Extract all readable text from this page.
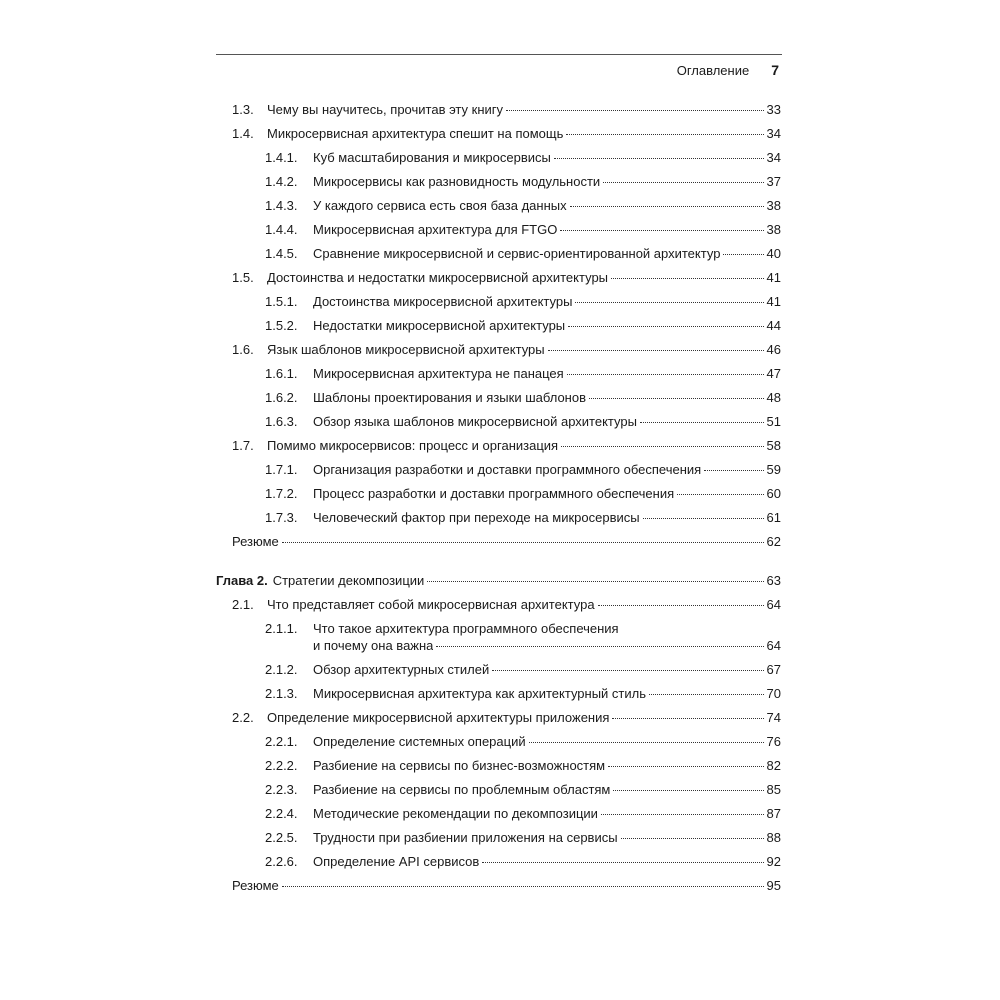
Оглавление 7
1.3.	Чему вы научитесь, прочитав эту книгу	33
1.4.	Микросервисная архитектура спешит на помощь	34
1.4.1.	Куб масштабирования и микросервисы	34
1.4.2.	Микросервисы как разновидность модульности	37
1.4.3.	У каждого сервиса есть своя база данных	38
1.4.4.	Микросервисная архитектура для FTGO	38
1.4.5.	Сравнение микросервисной и сервис-ориентированной архитектур	40
1.5.	Достоинства и недостатки микросервисной архитектуры	41
1.5.1.	Достоинства микросервисной архитектуры	41
1.5.2.	Недостатки микросервисной архитектуры	44
1.6.	Язык шаблонов микросервисной архитектуры	46
1.6.1.	Микросервисная архитектура не панацея	47
1.6.2.	Шаблоны проектирования и языки шаблонов	48
1.6.3.	Обзор языка шаблонов микросервисной архитектуры	51
1.7.	Помимо микросервисов: процесс и организация	58
1.7.1.	Организация разработки и доставки программного обеспечения	59
1.7.2.	Процесс разработки и доставки программного обеспечения	60
1.7.3.	Человеческий фактор при переходе на микросервисы	61
Резюме	62
Глава 2. Стратегии декомпозиции	63
2.1.	Что представляет собой микросервисная архитектура	64
2.1.1.	Что такое архитектура программного обеспечения
и почему она важна	64
2.1.2.	Обзор архитектурных стилей	67
2.1.3.	Микросервисная архитектура как архитектурный стиль	70
2.2.	Определение микросервисной архитектуры приложения	74
2.2.1.	Определение системных операций	76
2.2.2.	Разбиение на сервисы по бизнес-возможностям	82
2.2.3.	Разбиение на сервисы по проблемным областям	85
2.2.4.	Методические рекомендации по декомпозиции	87
2.2.5.	Трудности при разбиении приложения на сервисы	88
2.2.6.	Определение API сервисов	92
Резюме	95
